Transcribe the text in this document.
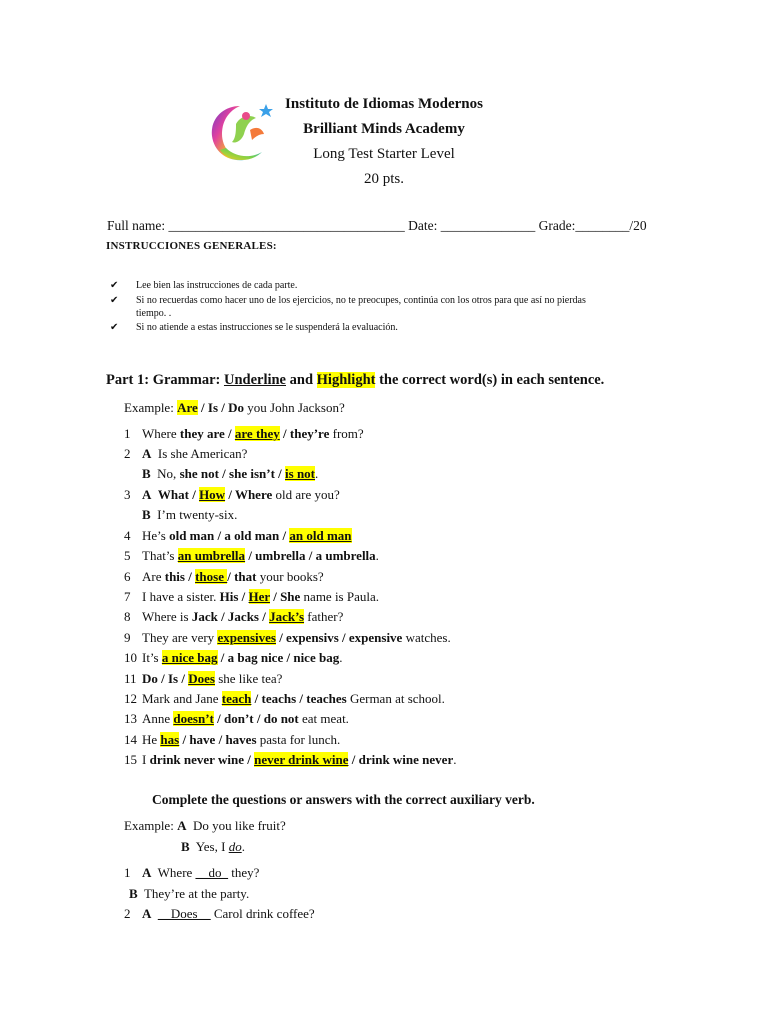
Instituto de Idiomas Modernos
Brilliant Minds Academy
Long Test Starter Level
20 pts.
Full name: ___________________________________ Date: ______________ Grade:________/20
INSTRUCCIONES GENERALES:
✔ Lee bien las instrucciones de cada parte.
✔ Si no recuerdas como hacer uno de los ejercicios, no te preocupes, continúa con los otros para que así no pierdas
tiempo. .
✔ Si no atiende a estas instrucciones se le suspenderá la evaluación.
Part 1: Grammar: Underline and Highlight the correct word(s) in each sentence.
Example: Are / Is / Do you John Jackson?
1 Where they are / are they / they’re from?
2 A Is she American?
B No, she not / she isn’t / is not.
3 A What / How / Where old are you?
B I’m twenty-six.
4 He’s old man / a old man / an old man
5 That’s an umbrella / umbrella / a umbrella.
6 Are this / those / that your books?
7 I have a sister. His / Her / She name is Paula.
8 Where is Jack / Jacks / Jack’s father?
9 They are very expensives / expensivs / expensive watches.
10 It’s a nice bag / a bag nice / nice bag.
11 Do / Is / Does she like tea?
12 Mark and Jane teach / teachs / teaches German at school.
13 Anne doesn’t / don’t / do not eat meat.
14 He has / have / haves pasta for lunch.
15 I drink never wine / never drink wine / drink wine never.
Complete the questions or answers with the correct auxiliary verb.
Example: A Do you like fruit?
B Yes, I do.
1 A Where __do_ they?
B They’re at the party.
2 A __Does__ Carol drink coffee?
